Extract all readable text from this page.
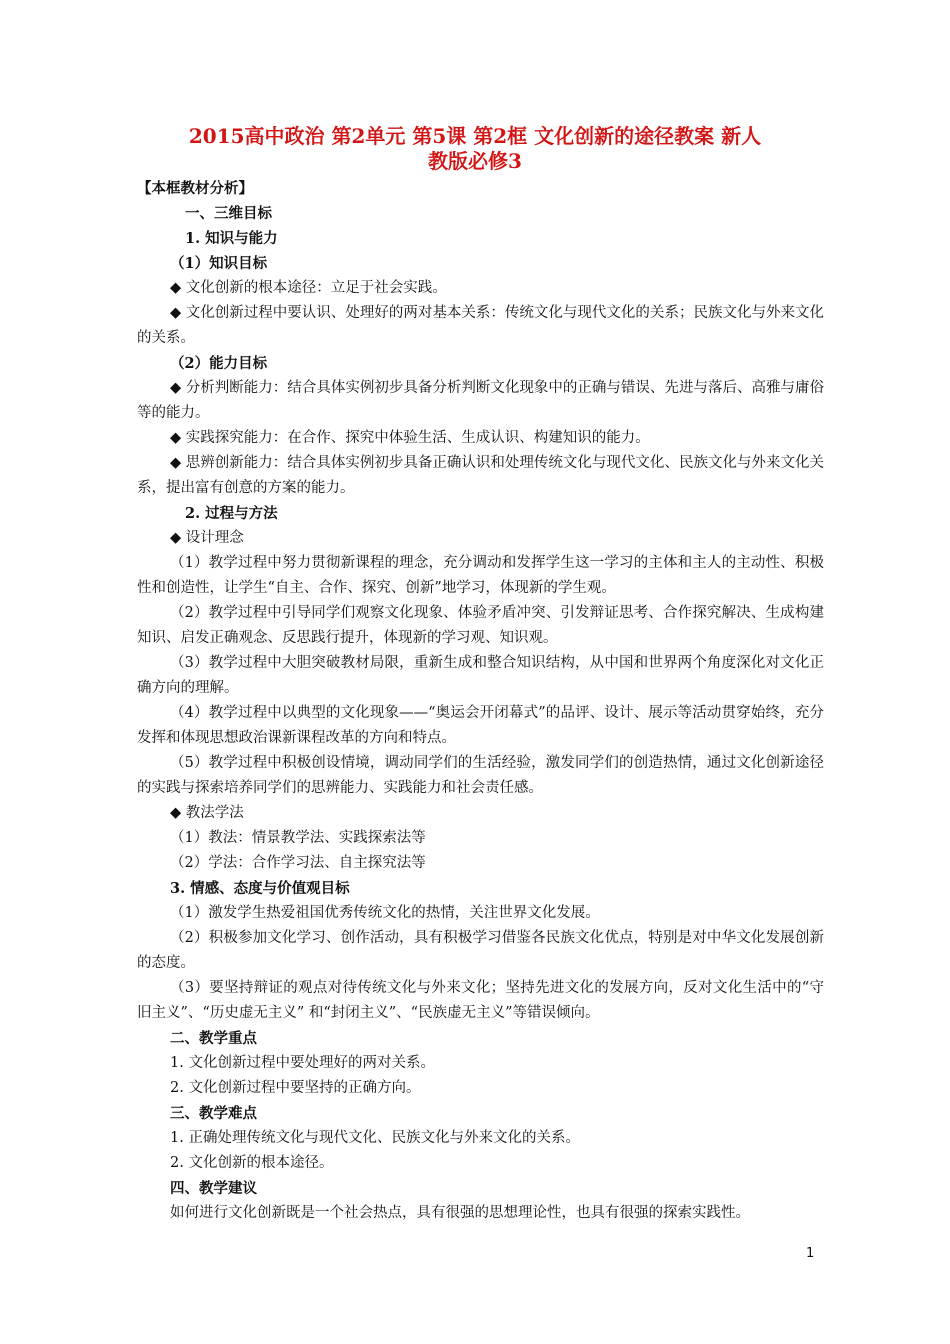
2015高中政治 第2单元 第5课 第2框 文化创新的途径教案 新人
教版必修3

【本框教材分析】

一、三维目标

1. 知识与能力

（1）知识目标

◆ 文化创新的根本途径：立足于社会实践。

◆ 文化创新过程中要认识、处理好的两对基本关系：传统文化与现代文化的关系；民族文化与外来文化的关系。

（2）能力目标

◆ 分析判断能力：结合具体实例初步具备分析判断文化现象中的正确与错误、先进与落后、高雅与庸俗等的能力。

◆ 实践探究能力：在合作、探究中体验生活、生成认识、构建知识的能力。

◆ 思辨创新能力：结合具体实例初步具备正确认识和处理传统文化与现代文化、民族文化与外来文化关系，提出富有创意的方案的能力。

2. 过程与方法

◆ 设计理念

（1）教学过程中努力贯彻新课程的理念，充分调动和发挥学生这一学习的主体和主人的主动性、积极性和创造性，让学生“自主、合作、探究、创新”地学习，体现新的学生观。

（2）教学过程中引导同学们观察文化现象、体验矛盾冲突、引发辩证思考、合作探究解决、生成构建知识、启发正确观念、反思践行提升，体现新的学习观、知识观。

（3）教学过程中大胆突破教材局限，重新生成和整合知识结构，从中国和世界两个角度深化对文化正确方向的理解。

（4）教学过程中以典型的文化现象——“奥运会开闭幕式”的品评、设计、展示等活动贯穿始终，充分发挥和体现思想政治课新课程改革的方向和特点。

（5）教学过程中积极创设情境，调动同学们的生活经验，激发同学们的创造热情，通过文化创新途径的实践与探索培养同学们的思辨能力、实践能力和社会责任感。

◆ 教法学法

（1）教法：情景教学法、实践探索法等

（2）学法：合作学习法、自主探究法等

3. 情感、态度与价值观目标

（1）激发学生热爱祖国优秀传统文化的热情，关注世界文化发展。

（2）积极参加文化学习、创作活动，具有积极学习借鉴各民族文化优点，特别是对中华文化发展创新的态度。

（3）要坚持辩证的观点对待传统文化与外来文化；坚持先进文化的发展方向，反对文化生活中的“守旧主义”、“历史虚无主义” 和“封闭主义”、“民族虚无主义”等错误倾向。

二、教学重点

1. 文化创新过程中要处理好的两对关系。

2. 文化创新过程中要坚持的正确方向。

三、教学难点

1. 正确处理传统文化与现代文化、民族文化与外来文化的关系。

2. 文化创新的根本途径。

四、教学建议

如何进行文化创新既是一个社会热点，具有很强的思想理论性，也具有很强的探索实践性。

1
